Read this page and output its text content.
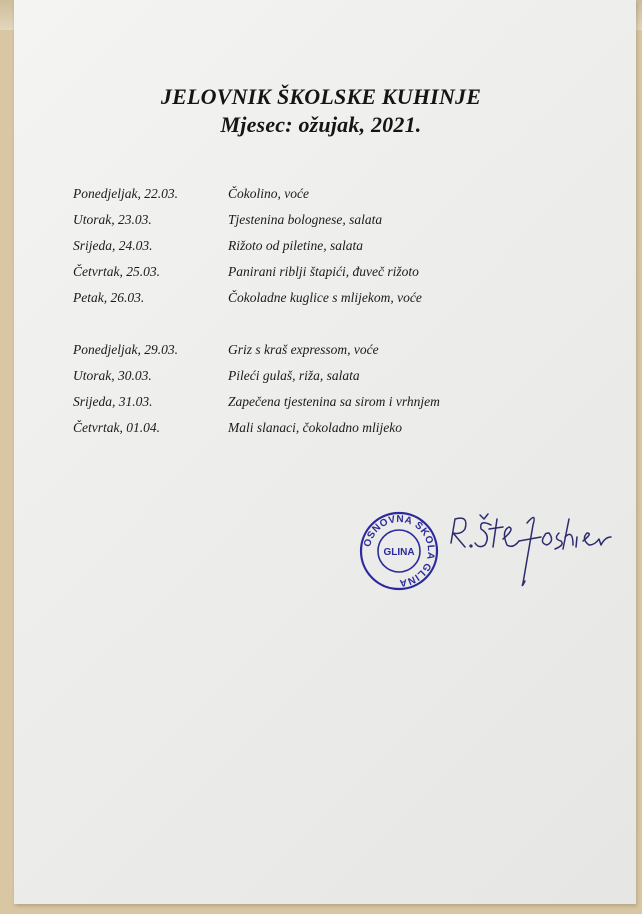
JELOVNIK ŠKOLSKE KUHINJE
Mjesec: ožujak, 2021.
Ponedjeljak, 22.03.	Čokolino, voće
Utorak, 23.03.	Tjestenina bolognese, salata
Srijeda, 24.03.	Rižoto od piletine, salata
Četvrtak, 25.03.	Panirani riblji štapići, đuveč rižoto
Petak, 26.03.	Čokoladne kuglice s mlijekom, voće
Ponedjeljak, 29.03.	Griz s kraš expressom, voće
Utorak, 30.03.	Pileći gulaš, riža, salata
Srijeda, 31.03.	Zapečena tjestenina sa sirom i vrhnjem
Četvrtak, 01.04.	Mali slanaci, čokoladno mlijeko
OSNOVNA ŠKOLA GLINA
GLINA
R. Štefoshier
